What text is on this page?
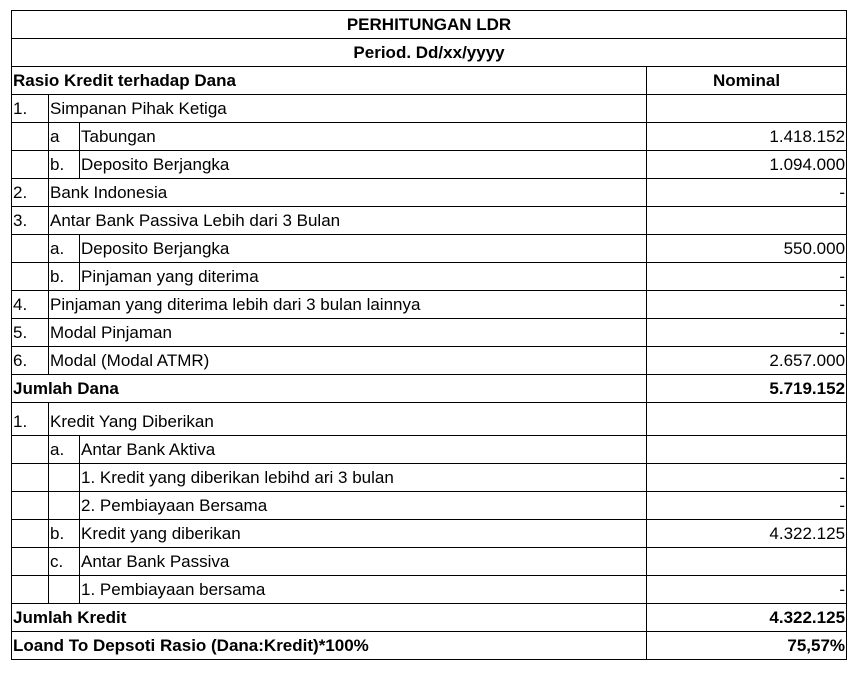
PERHITUNGAN LDR			
Period. Dd/xx/yyyy			
Rasio Kredit terhadap Dana			Nominal
1.	Simpanan Pihak Ketiga		
	a	Tabungan	1.418.152
	b.	Deposito Berjangka	1.094.000
2.	Bank Indonesia		-
3.	Antar Bank Passiva Lebih dari 3 Bulan		
	a.	Deposito Berjangka	550.000
	b.	Pinjaman yang diterima	-
4.	Pinjaman yang diterima lebih dari 3 bulan lainnya		-
5.	Modal Pinjaman		-
6.	Modal (Modal ATMR)		2.657.000
Jumlah Dana			5.719.152
1.	Kredit Yang Diberikan		
	a.	Antar Bank Aktiva	
		1. Kredit yang diberikan lebihd ari 3 bulan	-
		2. Pembiayaan Bersama	-
	b.	Kredit yang diberikan	4.322.125
	c.	Antar Bank Passiva	
		1. Pembiayaan bersama	-
Jumlah Kredit			4.322.125
Loand To Depsoti Rasio (Dana:Kredit)*100%			75,57%
